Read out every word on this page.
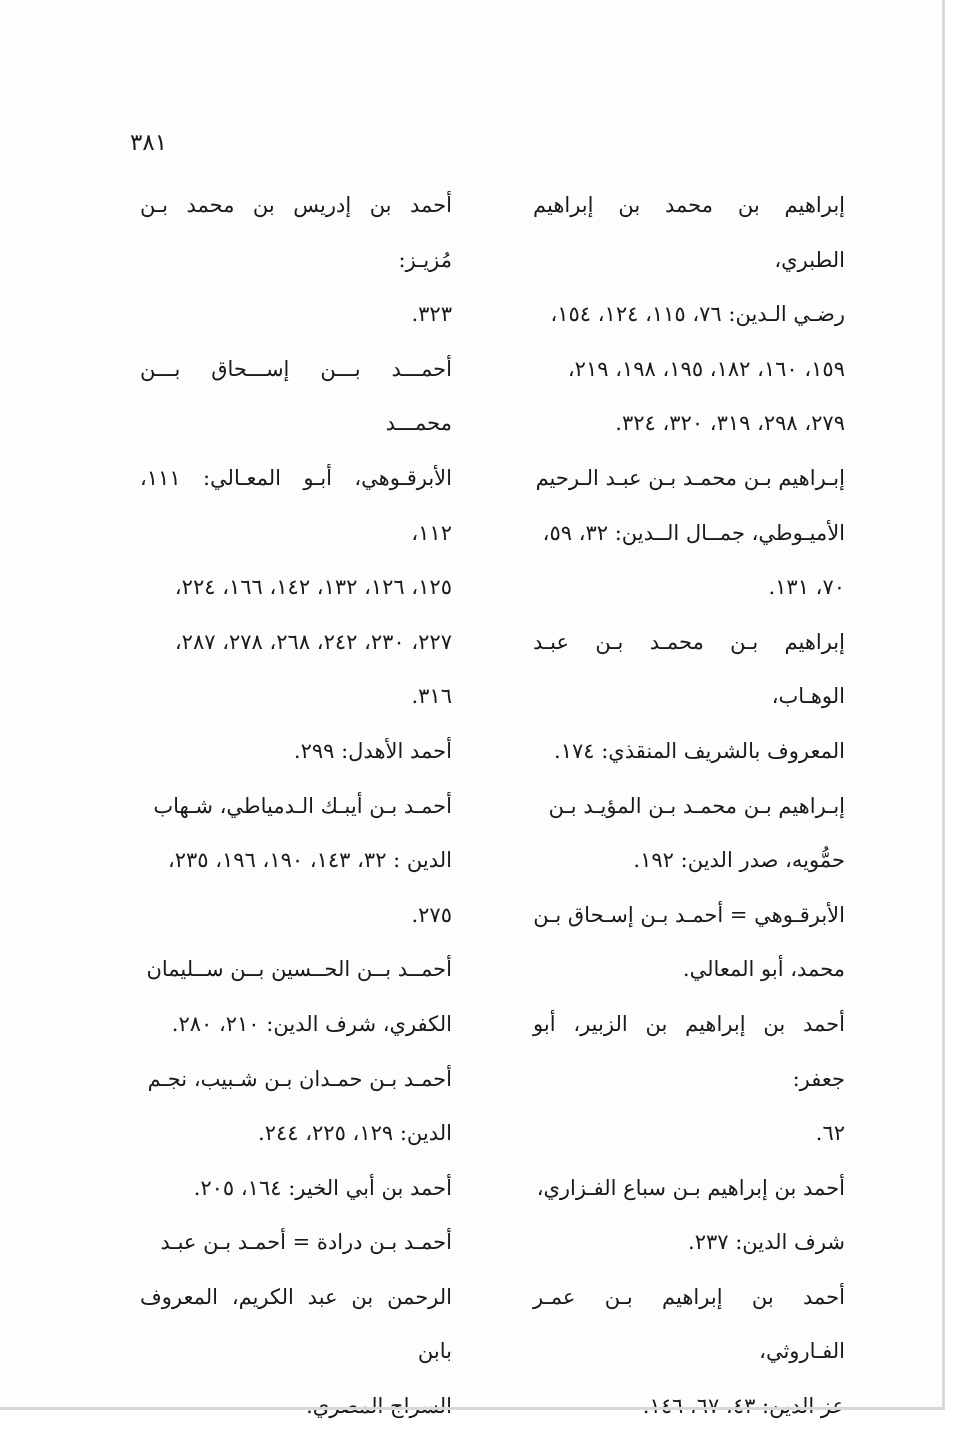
٣٨١

إبراهيم بن محمد بن إبراهيم الطبري،
رضـي الـدين: ٧٦، ١١٥، ١٢٤، ١٥٤،
١٥٩، ١٦٠، ١٨٢، ١٩٥، ١٩٨، ٢١٩،
٢٧٩، ٢٩٨، ٣١٩، ٣٢٠، ٣٢٤.

إبـراهيم بـن محمـد بـن عبـد الـرحيم
الأميـوطي، جمــال الــدين: ٣٢، ٥٩،
٧٠، ١٣١.

إبراهيم بـن محمـد بـن عبـد الوهـاب،
المعروف بالشريف المنقذي: ١٧٤.

إبـراهيم بـن محمـد بـن المؤيـد بـن
حمُّويه، صدر الدين: ١٩٢.

الأبرقـوهي = أحمـد بـن إسـحاق بـن
محمد، أبو المعالي.

أحمد بن إبراهيم بن الزبير، أبو جعفر:
٦٢.

أحمد بن إبراهيم بـن سباع الفـزاري،
شرف الدين: ٢٣٧.

أحمد بن إبراهيم بـن عمـر الفـاروثي،

أحمد بن إدريس بن محمد بـن مُزيـز:
٣٢٣.

أحمـــد بـــن إســـحاق بـــن محمـــد
الأبرقـوهي، أبـو المعـالي: ١١١، ١١٢،
١٢٥، ١٢٦، ١٣٢، ١٤٢، ١٦٦، ٢٢٤،
٢٢٧، ٢٣٠، ٢٤٢، ٢٦٨، ٢٧٨، ٢٨٧،
٣١٦.

أحمد الأهدل: ٢٩٩.

أحمـد بـن أيبـك الـدمياطي، شـهاب
الدين : ٣٢، ١٤٣، ١٩٠، ١٩٦، ٢٣٥،
٢٧٥.

أحمــد بــن الحــسين بــن ســليمان
الكفري، شرف الدين: ٢١٠، ٢٨٠.

أحمـد بـن حمـدان بـن شـبيب، نجـم
الدين: ١٢٩، ٢٢٥، ٢٤٤.

أحمد بن أبي الخير: ١٦٤، ٢٠٥.

أحمـد بـن درادة = أحمـد بـن عبـد
الرحمن بن عبد الكريم، المعروف بابن
